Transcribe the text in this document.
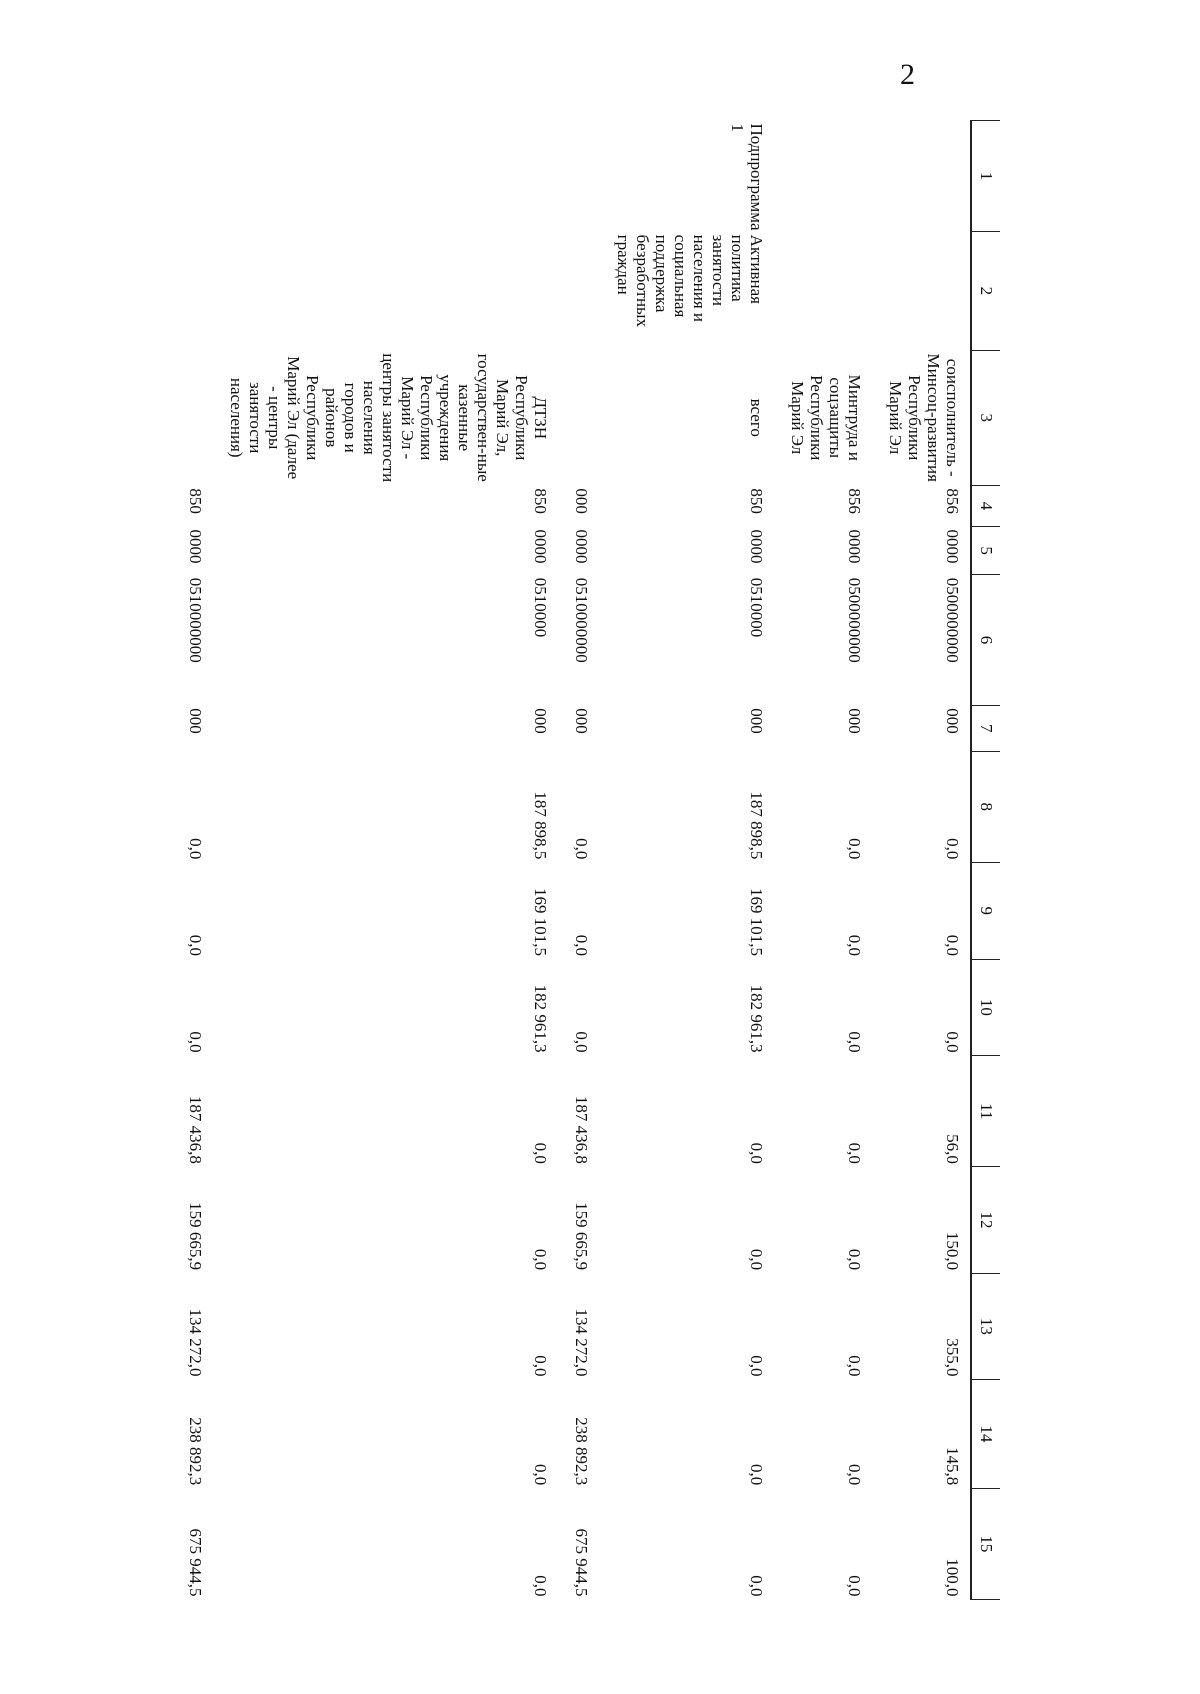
2
1	2	3	4	5	6	7	8	9	10	11	12	13	14	15
		соисполнитель - Минсоц-развития Республики Марий Эл	856	0000	0500000000	000	0,0	0,0	0,0	56,0	150,0	355,0	145,8	100,0
		Минтруда и соцзащиты Республики Марий Эл	856	0000	0500000000	000	0,0	0,0	0,0	0,0	0,0	0,0	0,0	0,0
Подпрограмма 1	Активная политика занятости населения и социальная поддержка безработных граждан	всего	850	0000	0510000	000	187 898,5	169 101,5	182 961,3	0,0	0,0	0,0	0,0	0,0
			000	0000	0510000000	000	0,0	0,0	0,0	187 436,8	159 665,9	134 272,0	238 892,3	675 944,5
		ДТЗН Республики Марий Эл, государствен-ные казенные учреждения Республики Марий Эл - центры занятости населения городов и районов Республики Марий Эл (далее - центры занятости населения)	850	0000	0510000	000	187 898,5	169 101,5	182 961,3	0,0	0,0	0,0	0,0	0,0
			850	0000	0510000000	000	0,0	0,0	0,0	187 436,8	159 665,9	134 272,0	238 892,3	675 944,5
